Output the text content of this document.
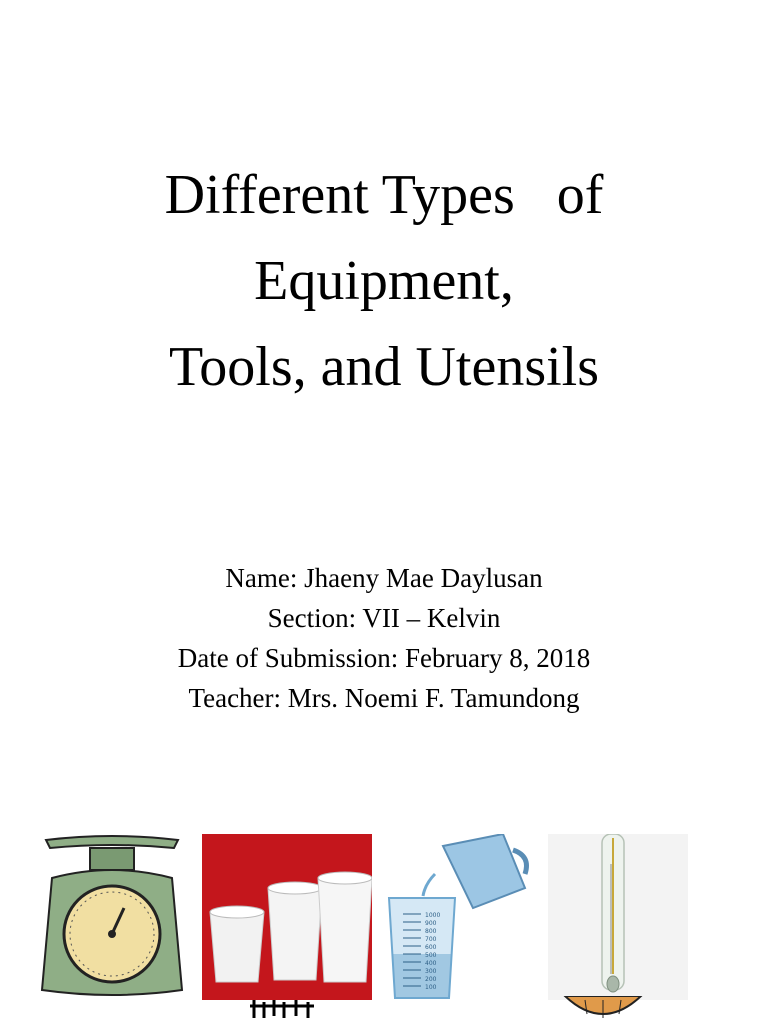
Different Types   of
Equipment,
Tools, and Utensils
Name: Jhaeny Mae Daylusan
Section: VII – Kelvin
Date of Submission: February 8, 2018
Teacher: Mrs. Noemi F. Tamundong
1000
900
800
700
600
500
400
300
200
100
